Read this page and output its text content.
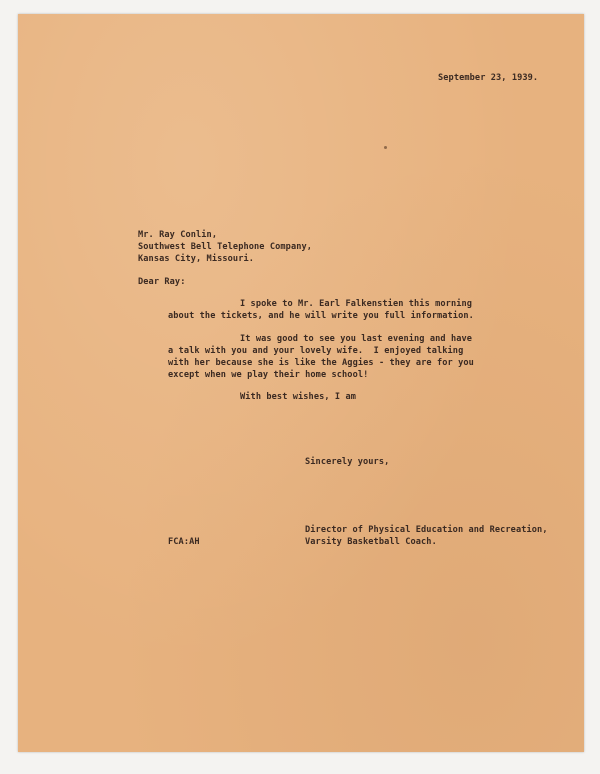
September 23, 1939.

Mr. Ray Conlin,

Southwest Bell Telephone Company,

Kansas City, Missouri.

Dear Ray:

I spoke to Mr. Earl Falkenstien this morning

about the tickets, and he will write you full information.

It was good to see you last evening and have

a talk with you and your lovely wife.  I enjoyed talking

with her because she is like the Aggies - they are for you

except when we play their home school!

With best wishes, I am

Sincerely yours,

Director of Physical Education and Recreation,

Varsity Basketball Coach.

FCA:AH
